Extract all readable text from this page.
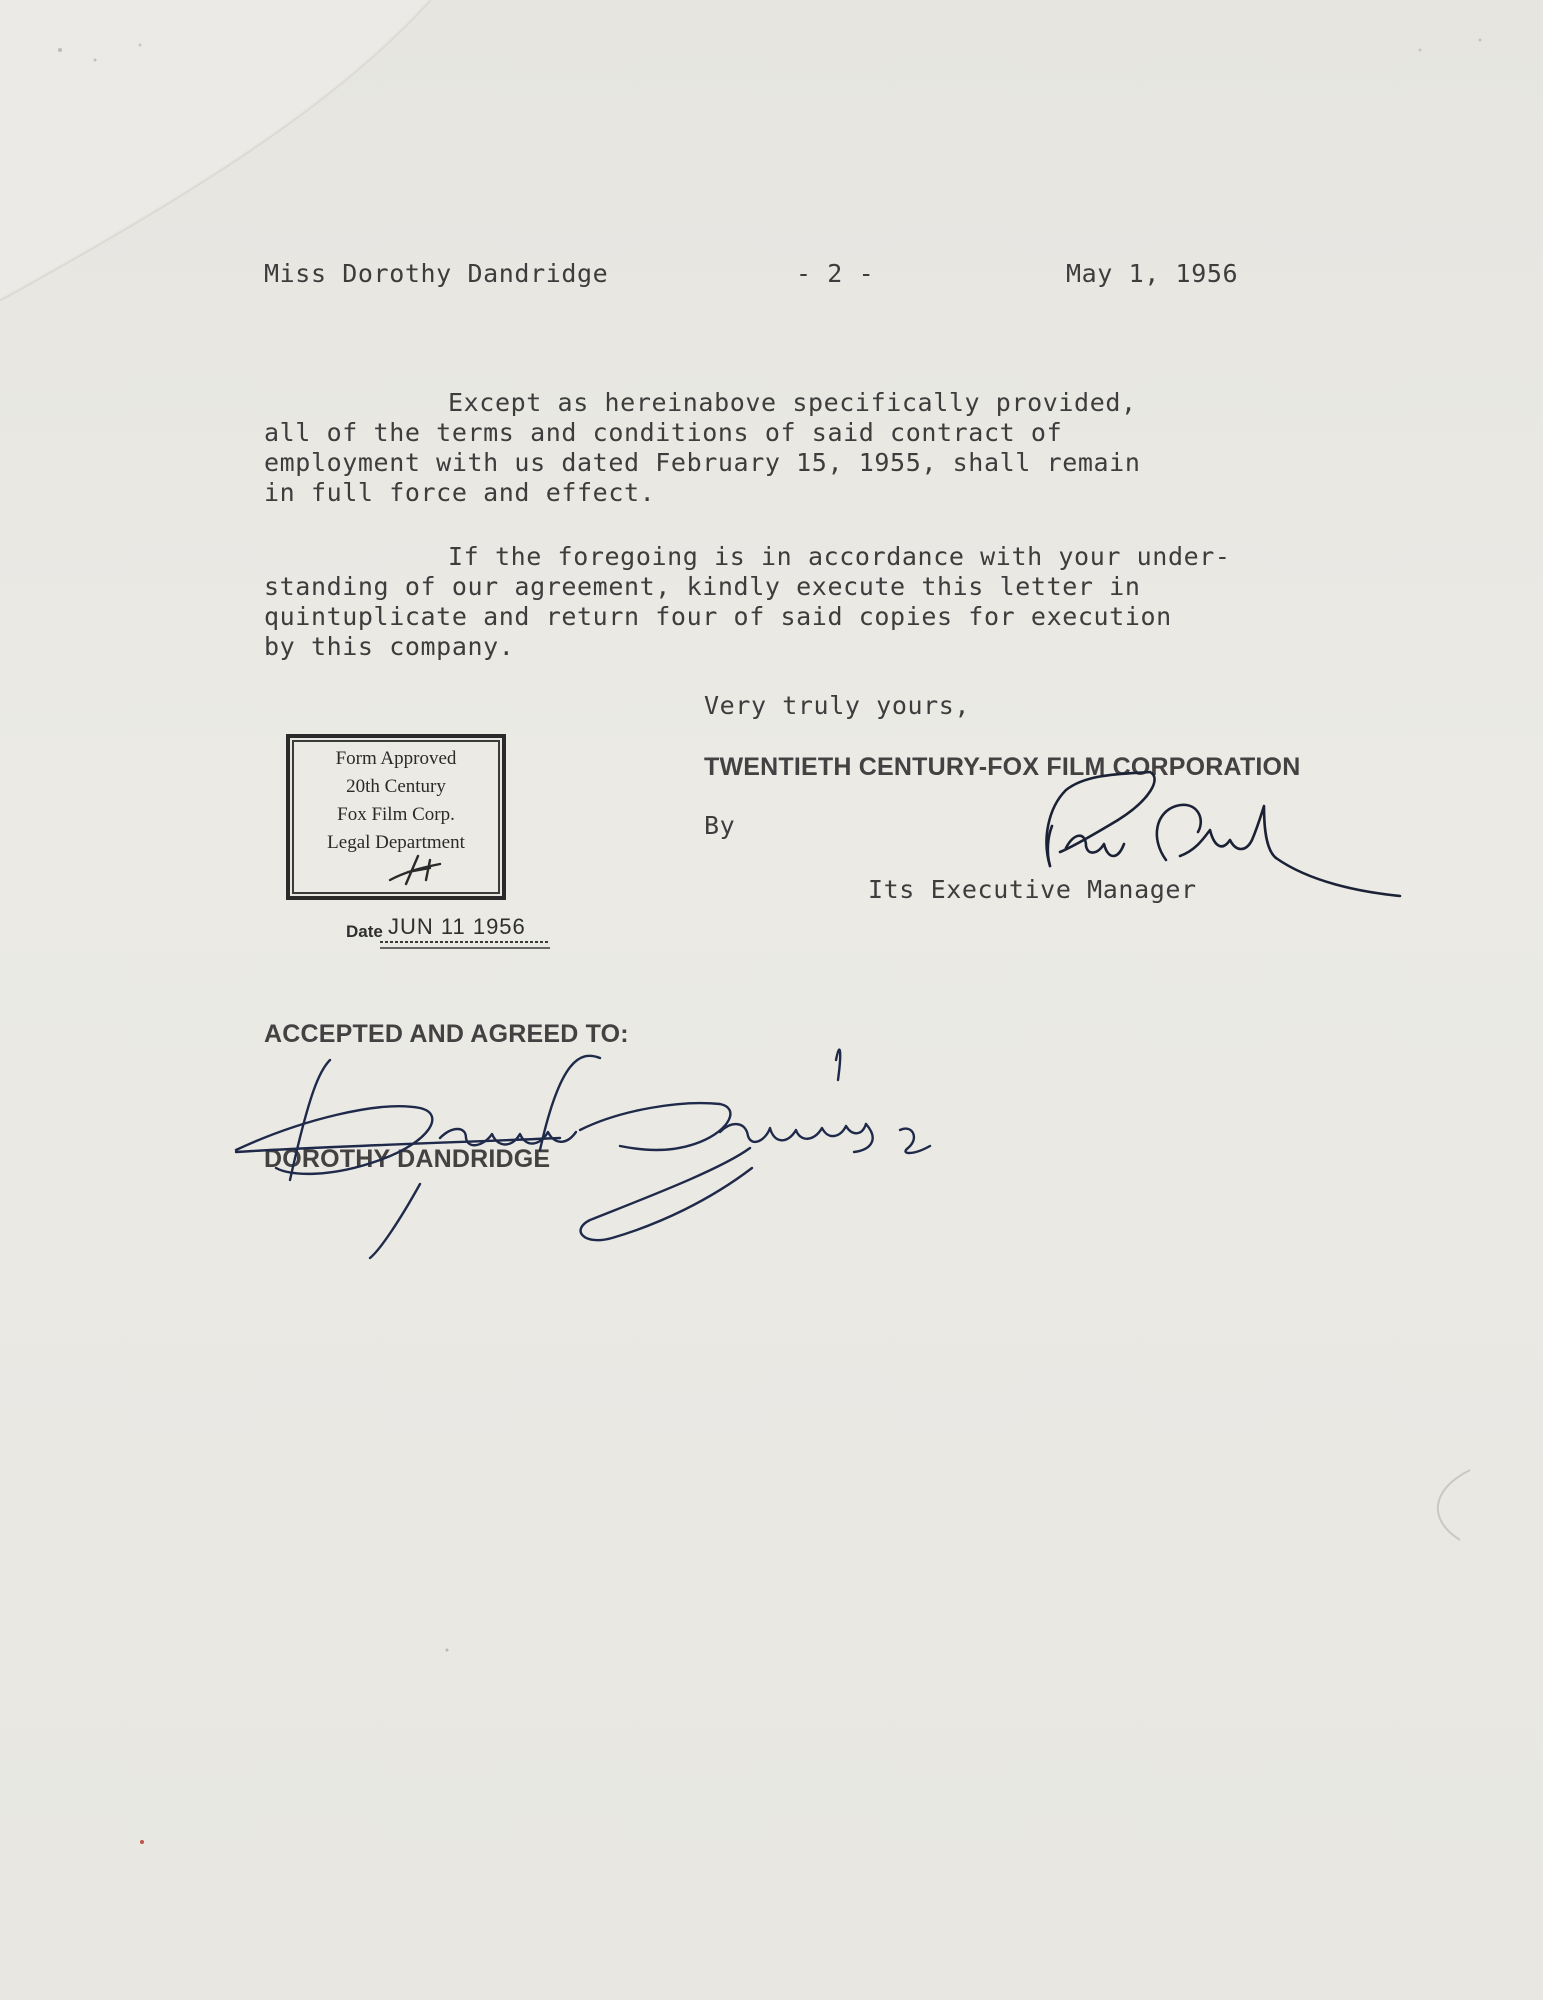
Miss Dorothy Dandridge	- 2 -	May 1, 1956
Except as hereinabove specifically provided,
all of the terms and conditions of said contract of
employment with us dated February 15, 1955, shall remain
in full force and effect.
If the foregoing is in accordance with your under-
standing of our agreement, kindly execute this letter in
quintuplicate and return four of said copies for execution
by this company.
Very truly yours,
TWENTIETH CENTURY-FOX FILM CORPORATION
By
Its Executive Manager
Form Approved
20th Century
Fox Film Corp.
Legal Department
H
Date JUN 11 1956
ACCEPTED AND AGREED TO:
DOROTHY DANDRIDGE
